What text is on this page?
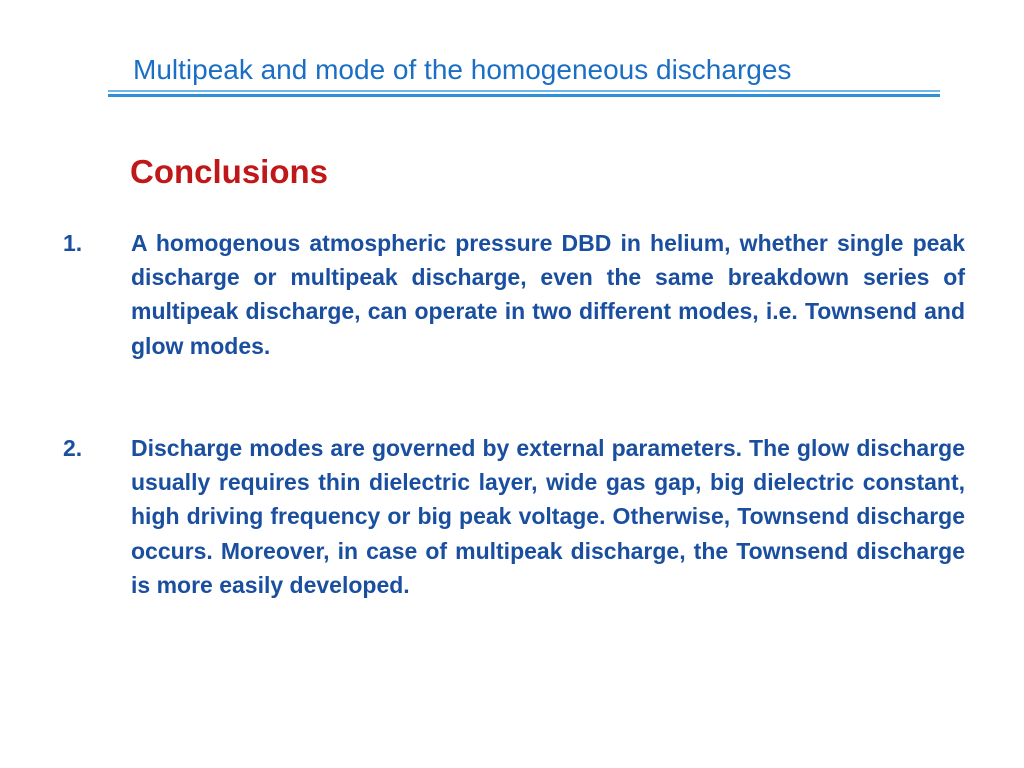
Multipeak and mode of the homogeneous discharges
Conclusions
1. A homogenous atmospheric pressure DBD in helium, whether single peak discharge or multipeak discharge, even the same breakdown series of multipeak discharge, can operate in two different modes, i.e. Townsend and glow modes.

2. Discharge modes are governed by external parameters. The glow discharge usually requires thin dielectric layer, wide gas gap, big dielectric constant, high driving frequency or big peak voltage. Otherwise, Townsend discharge occurs. Moreover, in case of multipeak discharge, the Townsend discharge is more easily developed.
